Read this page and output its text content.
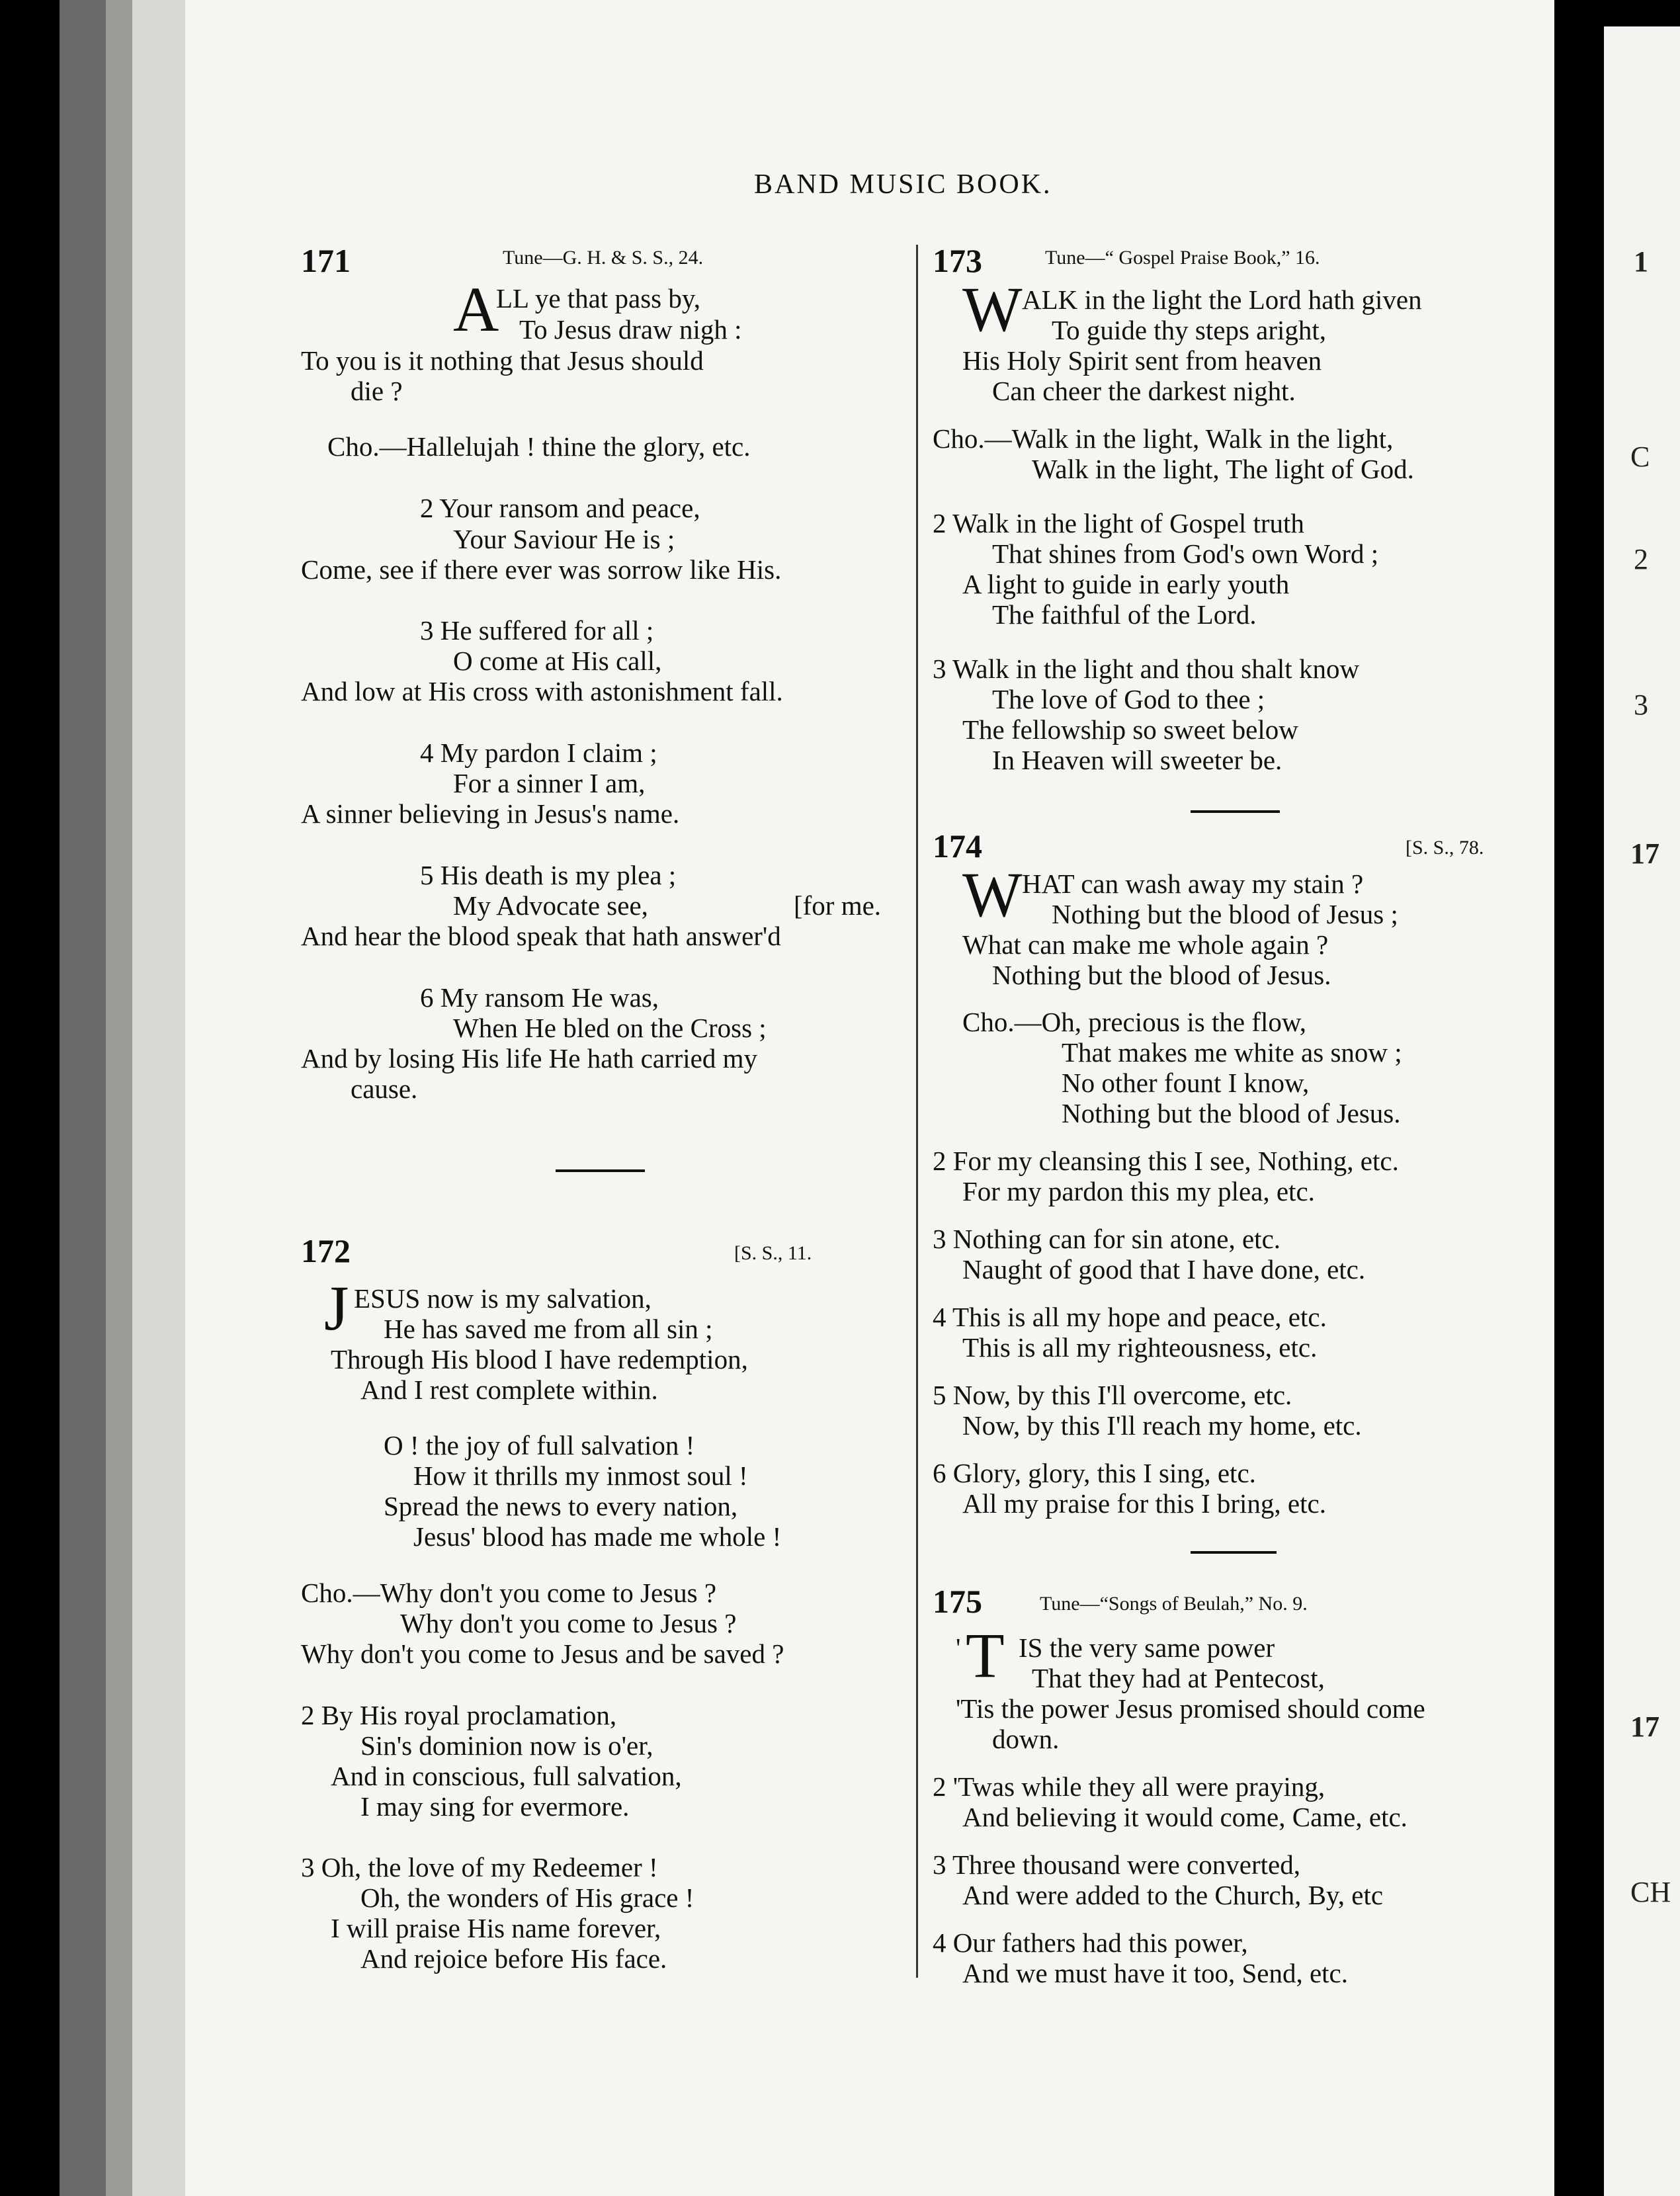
BAND MUSIC BOOK.
171	Tune—G. H. & S. S., 24.
A
LL ye that pass by,
To Jesus draw nigh :
To you is it nothing that Jesus should
die ?
Cho.—Hallelujah ! thine the glory, etc.
2 Your ransom and peace,
Your Saviour He is ;
Come, see if there ever was sorrow like His.
3 He suffered for all ;
O come at His call,
And low at His cross with astonishment fall.
4 My pardon I claim ;
For a sinner I am,
A sinner believing in Jesus's name.
5 His death is my plea ;
My Advocate see,	[for me.
And hear the blood speak that hath answer'd
6 My ransom He was,
When He bled on the Cross ;
And by losing His life He hath carried my
cause.
172	[S. S., 11.
J ESUS now is my salvation,
He has saved me from all sin ;
Through His blood I have redemption,
And I rest complete within.
O ! the joy of full salvation !
How it thrills my inmost soul !
Spread the news to every nation,
Jesus' blood has made me whole !
Cho.—Why don't you come to Jesus ?
Why don't you come to Jesus ?
Why don't you come to Jesus and be saved ?
2 By His royal proclamation,
Sin's dominion now is o'er,
And in conscious, full salvation,
I may sing for evermore.
3 Oh, the love of my Redeemer !
Oh, the wonders of His grace !
I will praise His name forever,
And rejoice before His face.
173	Tune—“ Gospel Praise Book,” 16.
W ALK in the light the Lord hath given
To guide thy steps aright,
His Holy Spirit sent from heaven
Can cheer the darkest night.
Cho.—Walk in the light, Walk in the light,
Walk in the light, The light of God.
2 Walk in the light of Gospel truth
That shines from God's own Word ;
A light to guide in early youth
The faithful of the Lord.
3 Walk in the light and thou shalt know
The love of God to thee ;
The fellowship so sweet below
In Heaven will sweeter be.
174	[S. S., 78.
W HAT can wash away my stain ?
Nothing but the blood of Jesus ;
What can make me whole again ?
Nothing but the blood of Jesus.
Cho.—Oh, precious is the flow,
That makes me white as snow ;
No other fount I know,
Nothing but the blood of Jesus.
2 For my cleansing this I see, Nothing, etc.
For my pardon this my plea, etc.
3 Nothing can for sin atone, etc.
Naught of good that I have done, etc.
4 This is all my hope and peace, etc.
This is all my righteousness, etc.
5 Now, by this I'll overcome, etc.
Now, by this I'll reach my home, etc.
6 Glory, glory, this I sing, etc.
All my praise for this I bring, etc.
175	Tune—“Songs of Beulah,” No. 9.
' T IS the very same power
That they had at Pentecost,
'Tis the power Jesus promised should come
down.
2 'Twas while they all were praying,
And believing it would come, Came, etc.
3 Three thousand were converted,
And were added to the Church, By, etc
4 Our fathers had this power,
And we must have it too, Send, etc.
1
C
2
3
17
17
CH
